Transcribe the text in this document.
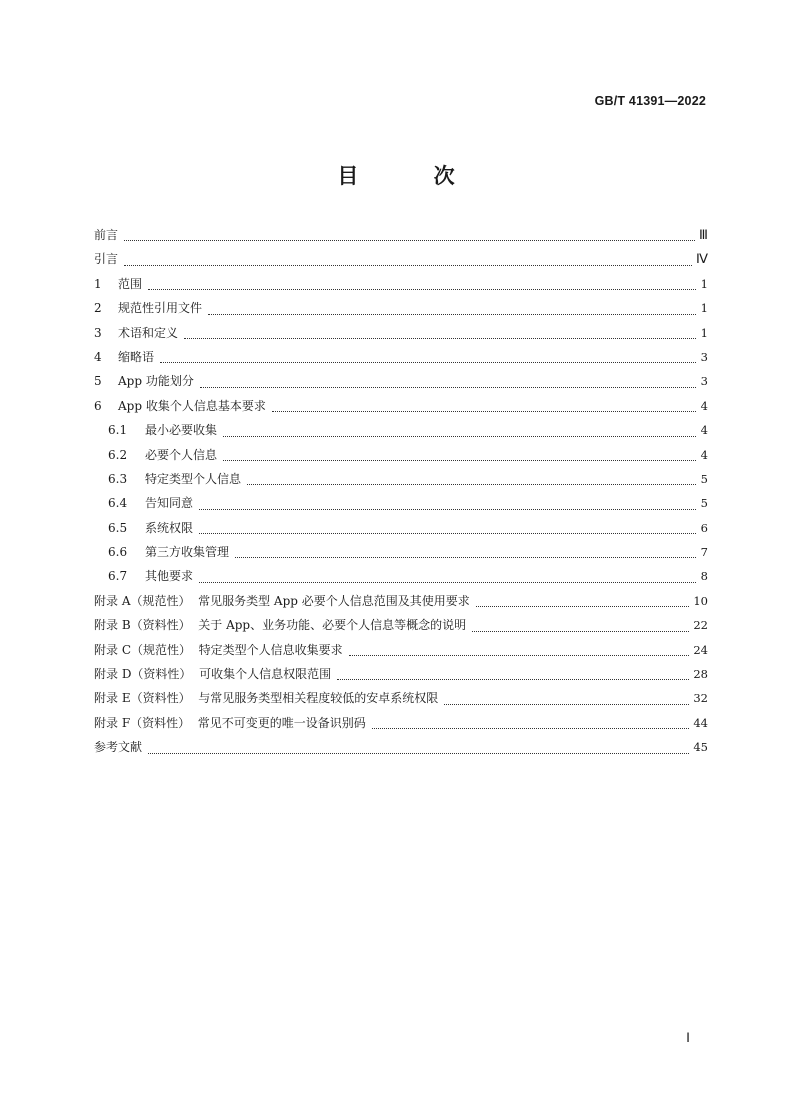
GB/T 41391—2022
目 次
前言	Ⅲ
引言	Ⅳ
1	范围	1
2	规范性引用文件	1
3	术语和定义	1
4	缩略语	3
5	App 功能划分	3
6	App 收集个人信息基本要求	4
6.1	最小必要收集	4
6.2	必要个人信息	4
6.3	特定类型个人信息	5
6.4	告知同意	5
6.5	系统权限	6
6.6	第三方收集管理	7
6.7	其他要求	8
附录 A（规范性）  常见服务类型 App 必要个人信息范围及其使用要求	10
附录 B（资料性）  关于 App、业务功能、必要个人信息等概念的说明	22
附录 C（规范性）  特定类型个人信息收集要求	24
附录 D（资料性）  可收集个人信息权限范围	28
附录 E（资料性）  与常见服务类型相关程度较低的安卓系统权限	32
附录 F（资料性）  常见不可变更的唯一设备识别码	44
参考文献	45
Ⅰ
